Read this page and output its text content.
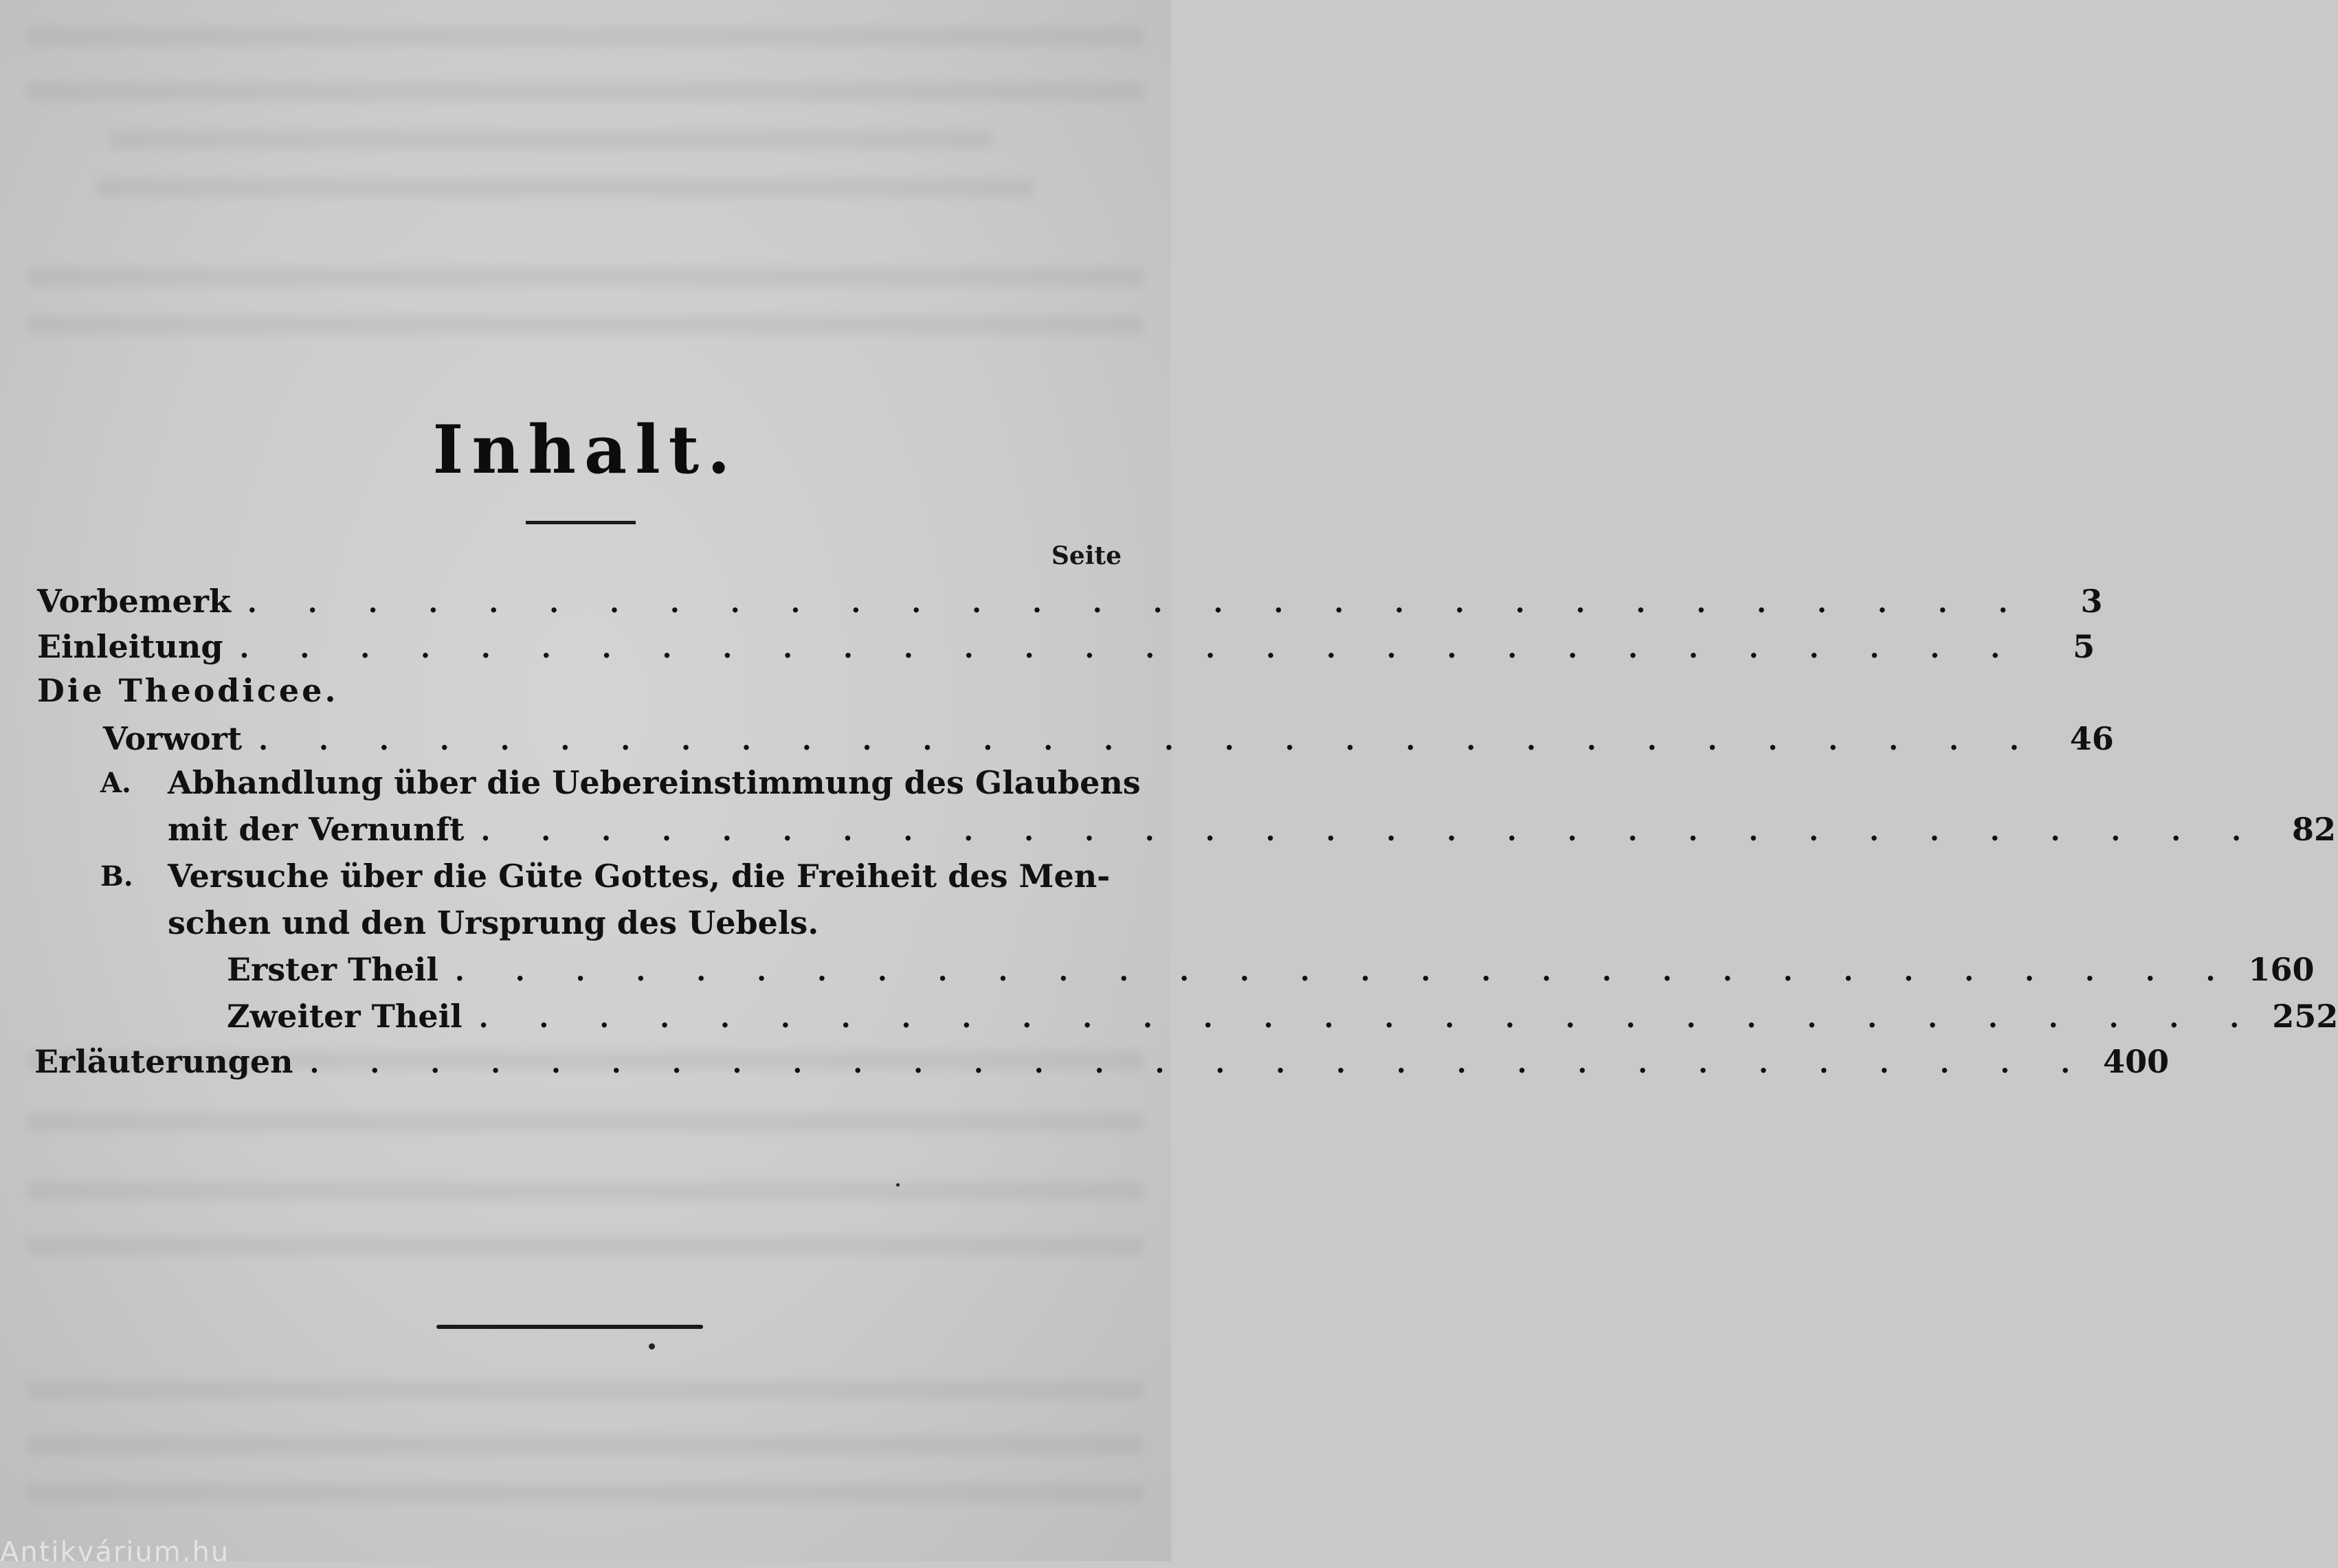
Inhalt.
Seite
Vorbemerk . . . . . . . . . . . . . . . . . . . . . . . . . . . . . .	3
Einleitung . . . . . . . . . . . . . . . . . . . . . . . . . . . . . .	5
Die Theodicee.
Vorwort . . . . . . . . . . . . . . . . . . . . . . . . . . . . . . 46
A. Abhandlung über die Uebereinstimmung des Glaubens
mit der Vernunft . . . . . . . . . . . . . . . . . . . . . . . . . . . . . . 82
B. Versuche über die Güte Gottes, die Freiheit des Men-
schen und den Ursprung des Uebels.
Erster Theil . . . . . . . . . . . . . . . . . . . . . . . . . . . . . . 160
Zweiter Theil . . . . . . . . . . . . . . . . . . . . . . . . . . . . . . 252
Erläuterungen . . . . . . . . . . . . . . . . . . . . . . . . . . . . . . 400
Antikvárium.hu
